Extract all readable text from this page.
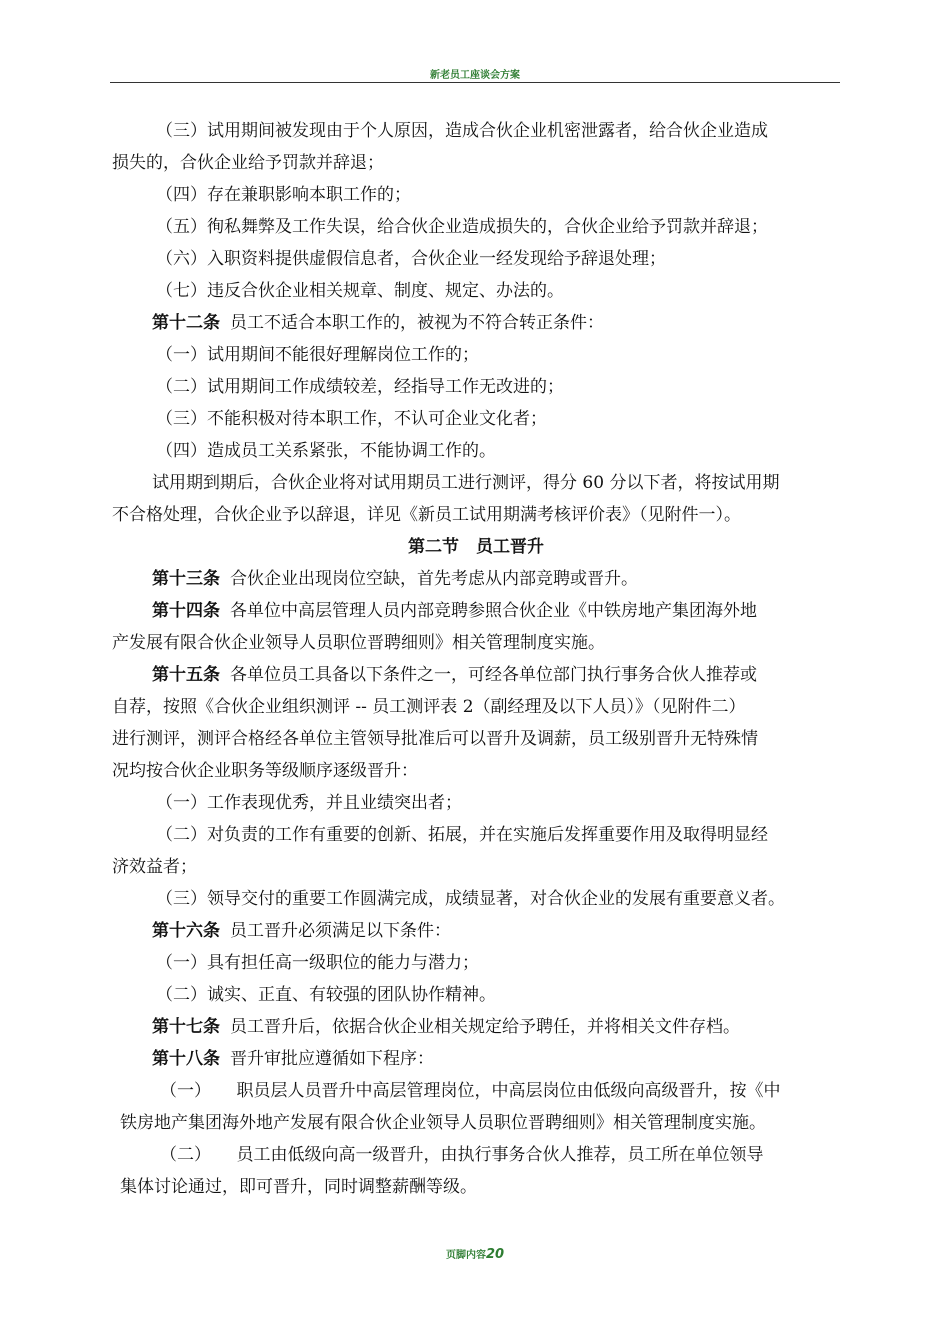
新老员工座谈会方案
（三）试用期间被发现由于个人原因，造成合伙企业机密泄露者，给合伙企业造成
损失的，合伙企业给予罚款并辞退；
（四）存在兼职影响本职工作的；
（五）徇私舞弊及工作失误，给合伙企业造成损失的，合伙企业给予罚款并辞退；
（六）入职资料提供虚假信息者，合伙企业一经发现给予辞退处理；
（七）违反合伙企业相关规章、制度、规定、办法的。
第十二条 员工不适合本职工作的，被视为不符合转正条件：
（一）试用期间不能很好理解岗位工作的；
（二）试用期间工作成绩较差，经指导工作无改进的；
（三）不能积极对待本职工作，不认可企业文化者；
（四）造成员工关系紧张，不能协调工作的。
试用期到期后，合伙企业将对试用期员工进行测评，得分 60 分以下者，将按试用期
不合格处理，合伙企业予以辞退，详见《新员工试用期满考核评价表》（见附件一）。
第二节　员工晋升
第十三条 合伙企业出现岗位空缺，首先考虑从内部竞聘或晋升。
第十四条 各单位中高层管理人员内部竞聘参照合伙企业《中铁房地产集团海外地
产发展有限合伙企业领导人员职位晋聘细则》相关管理制度实施。
第十五条 各单位员工具备以下条件之一，可经各单位部门执行事务合伙人推荐或
自荐，按照《合伙企业组织测评 -- 员工测评表 2（副经理及以下人员）》（见附件二）
进行测评，测评合格经各单位主管领导批准后可以晋升及调薪，员工级别晋升无特殊情
况均按合伙企业职务等级顺序逐级晋升：
（一）工作表现优秀，并且业绩突出者；
（二）对负责的工作有重要的创新、拓展，并在实施后发挥重要作用及取得明显经
济效益者；
（三）领导交付的重要工作圆满完成，成绩显著，对合伙企业的发展有重要意义者。
第十六条 员工晋升必须满足以下条件：
（一）具有担任高一级职位的能力与潜力；
（二）诚实、正直、有较强的团队协作精神。
第十七条 员工晋升后，依据合伙企业相关规定给予聘任，并将相关文件存档。
第十八条 晋升审批应遵循如下程序：
（一）　　职员层人员晋升中高层管理岗位，中高层岗位由低级向高级晋升，按《中
铁房地产集团海外地产发展有限合伙企业领导人员职位晋聘细则》相关管理制度实施。
（二）　　员工由低级向高一级晋升，由执行事务合伙人推荐，员工所在单位领导
集体讨论通过，即可晋升，同时调整薪酬等级。
页脚内容20
